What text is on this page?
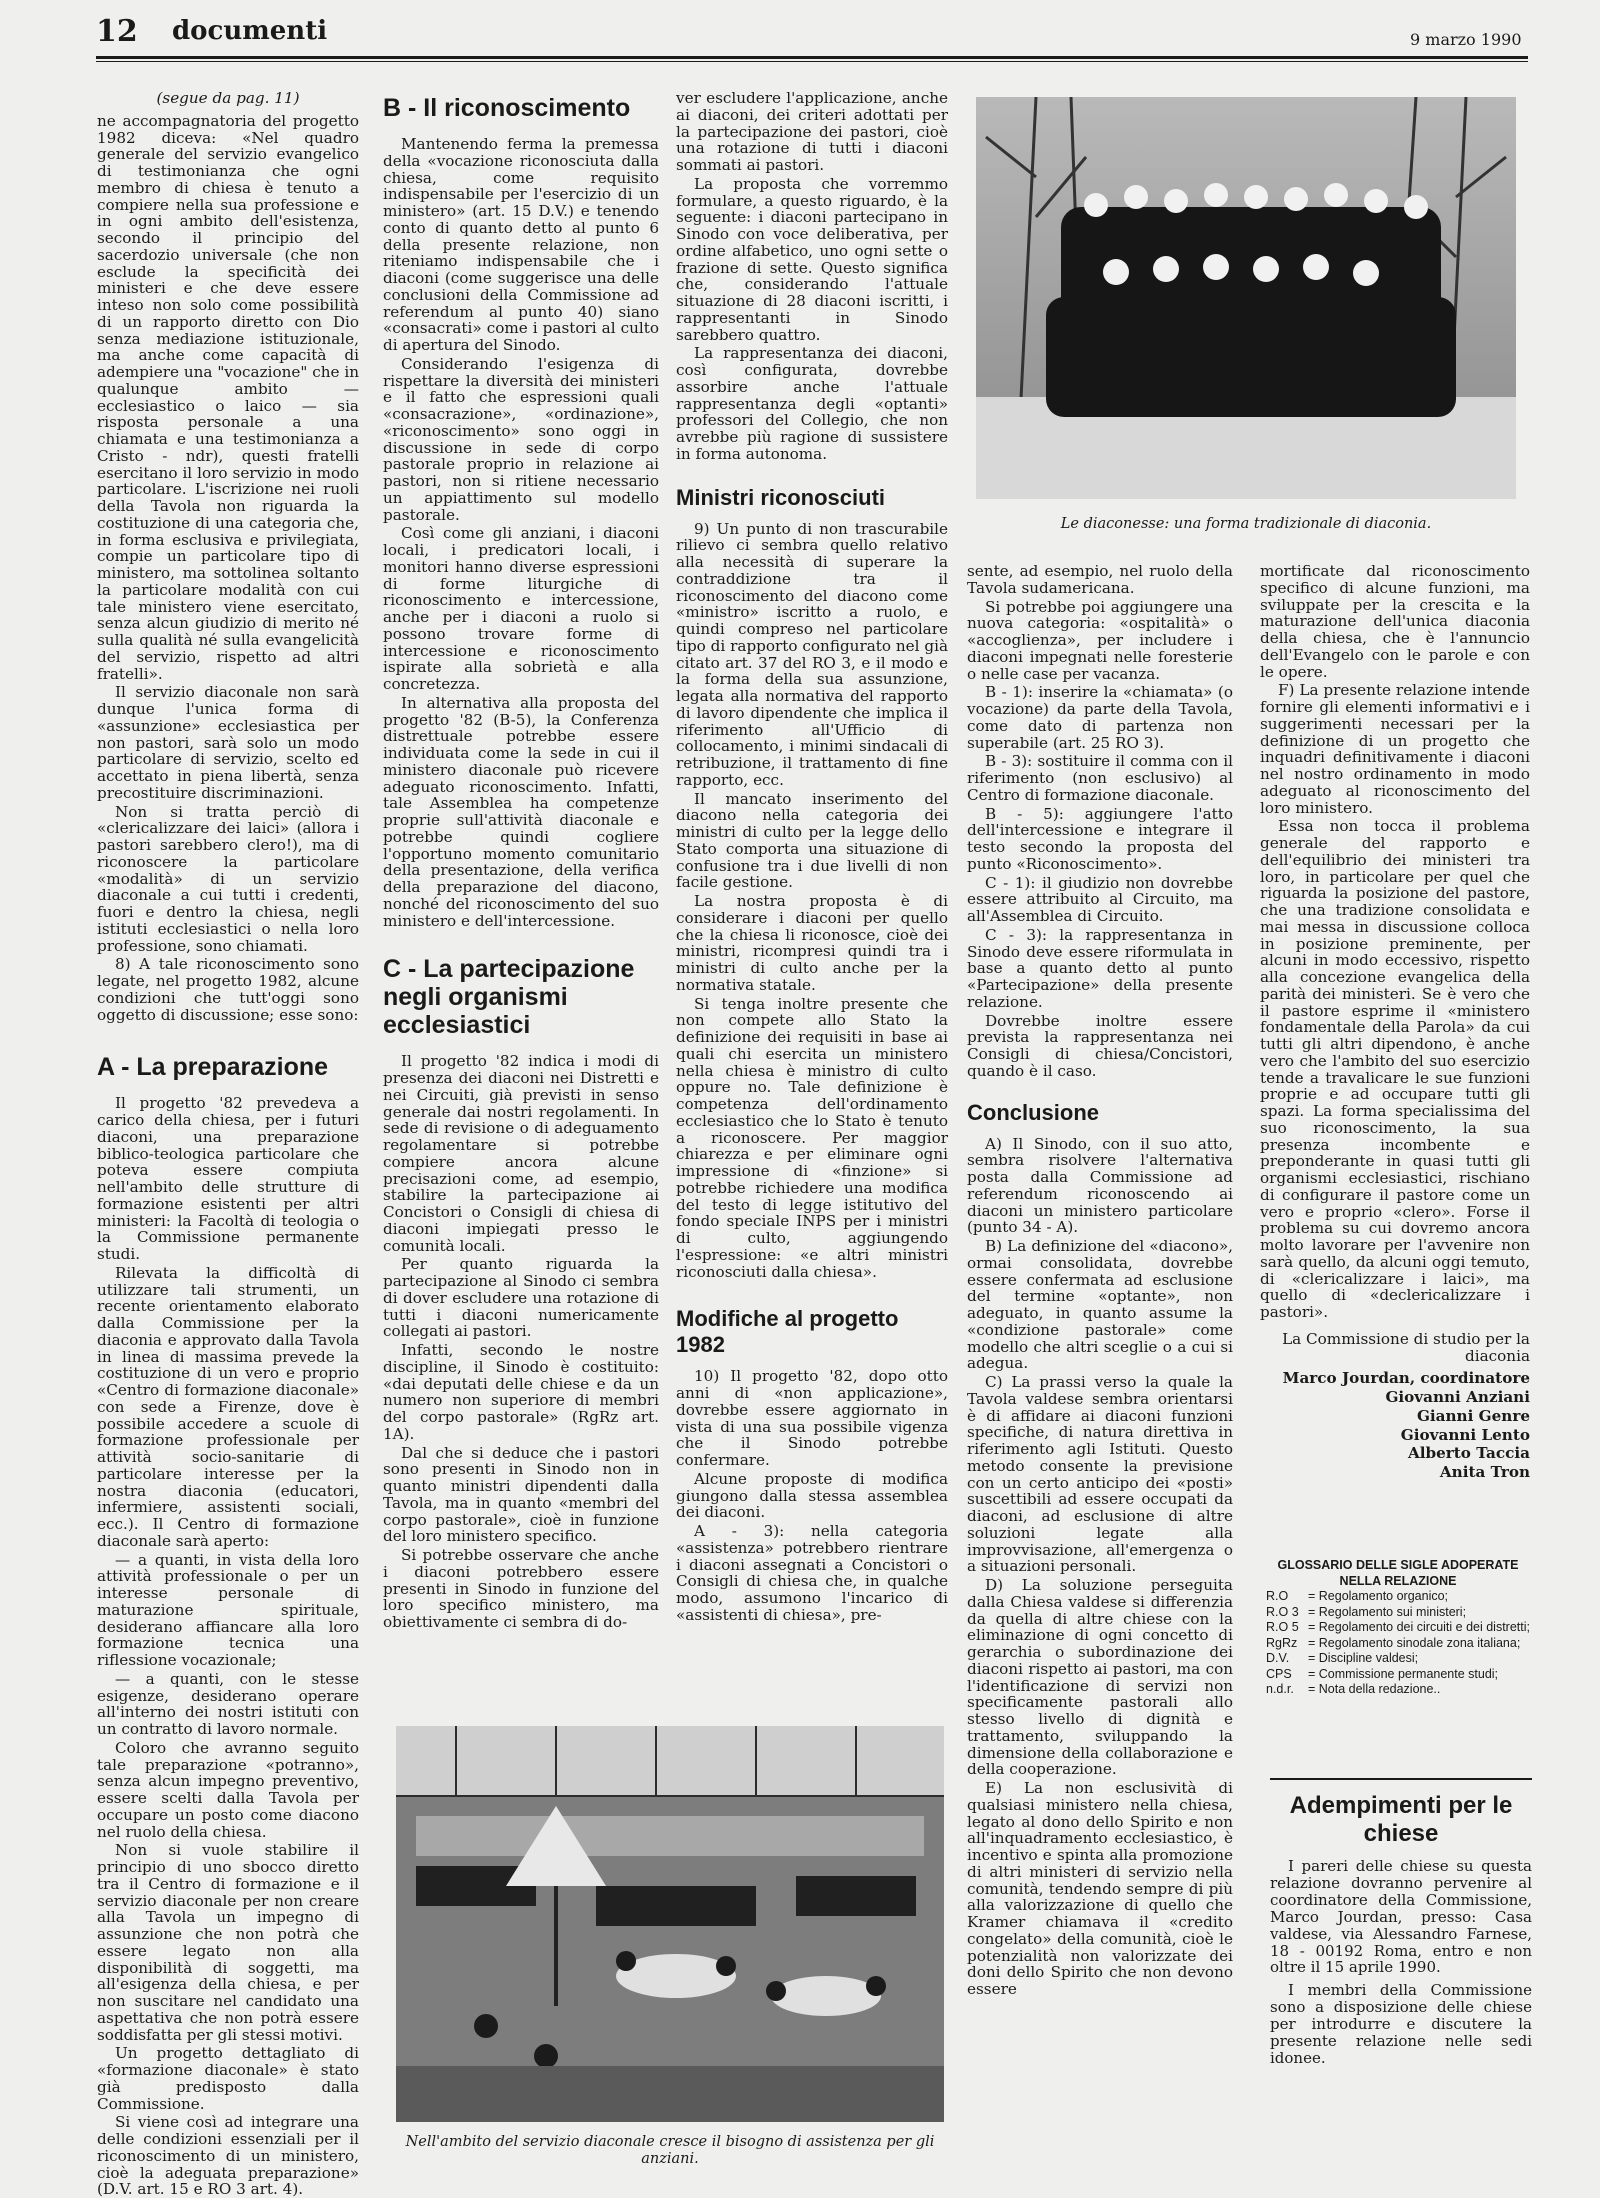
12 documenti	9 marzo 1990

(segue da pag. 11)

ne accompagnatoria del progetto 1982 diceva: «Nel quadro generale del servizio evangelico di testimonianza che ogni membro di chiesa è tenuto a compiere nella sua professione e in ogni ambito dell'esistenza, secondo il principio del sacerdozio universale (che non esclude la specificità dei ministeri e che deve essere inteso non solo come possibilità di un rapporto diretto con Dio senza mediazione istituzionale, ma anche come capacità di adempiere una "vocazione" che in qualunque ambito — ecclesiastico o laico — sia risposta personale a una chiamata e una testimonianza a Cristo - ndr), questi fratelli esercitano il loro servizio in modo particolare. L'iscrizione nei ruoli della Tavola non riguarda la costituzione di una categoria che, in forma esclusiva e privilegiata, compie un particolare tipo di ministero, ma sottolinea soltanto la particolare modalità con cui tale ministero viene esercitato, senza alcun giudizio di merito né sulla qualità né sulla evangelicità del servizio, rispetto ad altri fratelli».

Il servizio diaconale non sarà dunque l'unica forma di «assunzione» ecclesiastica per non pastori, sarà solo un modo particolare di servizio, scelto ed accettato in piena libertà, senza precostituire discriminazioni.

Non si tratta perciò di «clericalizzare dei laici» (allora i pastori sarebbero clero!), ma di riconoscere la particolare «modalità» di un servizio diaconale a cui tutti i credenti, fuori e dentro la chiesa, negli istituti ecclesiastici o nella loro professione, sono chiamati.

8) A tale riconoscimento sono legate, nel progetto 1982, alcune condizioni che tutt'oggi sono oggetto di discussione; esse sono:

A - La preparazione

Il progetto '82 prevedeva a carico della chiesa, per i futuri diaconi, una preparazione biblico-teologica particolare che poteva essere compiuta nell'ambito delle strutture di formazione esistenti per altri ministeri: la Facoltà di teologia o la Commissione permanente studi.

Rilevata la difficoltà di utilizzare tali strumenti, un recente orientamento elaborato dalla Commissione per la diaconia e approvato dalla Tavola in linea di massima prevede la costituzione di un vero e proprio «Centro di formazione diaconale» con sede a Firenze, dove è possibile accedere a scuole di formazione professionale per attività socio-sanitarie di particolare interesse per la nostra diaconia (educatori, infermiere, assistenti sociali, ecc.). Il Centro di formazione diaconale sarà aperto:

— a quanti, in vista della loro attività professionale o per un interesse personale di maturazione spirituale, desiderano affiancare alla loro formazione tecnica una riflessione vocazionale;

— a quanti, con le stesse esigenze, desiderano operare all'interno dei nostri istituti con un contratto di lavoro normale.

Coloro che avranno seguito tale preparazione «potranno», senza alcun impegno preventivo, essere scelti dalla Tavola per occupare un posto come diacono nel ruolo della chiesa.

Non si vuole stabilire il principio di uno sbocco diretto tra il Centro di formazione e il servizio diaconale per non creare alla Tavola un impegno di assunzione che non potrà che essere legato non alla disponibilità di soggetti, ma all'esigenza della chiesa, e per non suscitare nel candidato una aspettativa che non potrà essere soddisfatta per gli stessi motivi.

Un progetto dettagliato di «formazione diaconale» è stato già predisposto dalla Commissione.

Si viene così ad integrare una delle condizioni essenziali per il riconoscimento di un ministero, cioè la adeguata preparazione» (D.V. art. 15 e RO 3 art. 4).

B - Il riconoscimento

Mantenendo ferma la premessa della «vocazione riconosciuta dalla chiesa, come requisito indispensabile per l'esercizio di un ministero» (art. 15 D.V.) e tenendo conto di quanto detto al punto 6 della presente relazione, non riteniamo indispensabile che i diaconi (come suggerisce una delle conclusioni della Commissione ad referendum al punto 40) siano «consacrati» come i pastori al culto di apertura del Sinodo.

Considerando l'esigenza di rispettare la diversità dei ministeri e il fatto che espressioni quali «consacrazione», «ordinazione», «riconoscimento» sono oggi in discussione in sede di corpo pastorale proprio in relazione ai pastori, non si ritiene necessario un appiattimento sul modello pastorale.

Così come gli anziani, i diaconi locali, i predicatori locali, i monitori hanno diverse espressioni di forme liturgiche di riconoscimento e intercessione, anche per i diaconi a ruolo si possono trovare forme di intercessione e riconoscimento ispirate alla sobrietà e alla concretezza.

In alternativa alla proposta del progetto '82 (B-5), la Conferenza distrettuale potrebbe essere individuata come la sede in cui il ministero diaconale può ricevere adeguato riconoscimento. Infatti, tale Assemblea ha competenze proprie sull'attività diaconale e potrebbe quindi cogliere l'opportuno momento comunitario della presentazione, della verifica della preparazione del diacono, nonché del riconoscimento del suo ministero e dell'intercessione.

C - La partecipazione negli organismi ecclesiastici

Il progetto '82 indica i modi di presenza dei diaconi nei Distretti e nei Circuiti, già previsti in senso generale dai nostri regolamenti. In sede di revisione o di adeguamento regolamentare si potrebbe compiere ancora alcune precisazioni come, ad esempio, stabilire la partecipazione ai Concistori o Consigli di chiesa di diaconi impiegati presso le comunità locali.

Per quanto riguarda la partecipazione al Sinodo ci sembra di dover escludere una rotazione di tutti i diaconi numericamente collegati ai pastori.

Infatti, secondo le nostre discipline, il Sinodo è costituito: «dai deputati delle chiese e da un numero non superiore di membri del corpo pastorale» (RgRz art. 1A).

Dal che si deduce che i pastori sono presenti in Sinodo non in quanto ministri dipendenti dalla Tavola, ma in quanto «membri del corpo pastorale», cioè in funzione del loro ministero specifico.

Si potrebbe osservare che anche i diaconi potrebbero essere presenti in Sinodo in funzione del loro specifico ministero, ma obiettivamente ci sembra di do-

ver escludere l'applicazione, anche ai diaconi, dei criteri adottati per la partecipazione dei pastori, cioè una rotazione di tutti i diaconi sommati ai pastori.

La proposta che vorremmo formulare, a questo riguardo, è la seguente: i diaconi partecipano in Sinodo con voce deliberativa, per ordine alfabetico, uno ogni sette o frazione di sette. Questo significa che, considerando l'attuale situazione di 28 diaconi iscritti, i rappresentanti in Sinodo sarebbero quattro.

La rappresentanza dei diaconi, così configurata, dovrebbe assorbire anche l'attuale rappresentanza degli «optanti» professori del Collegio, che non avrebbe più ragione di sussistere in forma autonoma.

Ministri riconosciuti

9) Un punto di non trascurabile rilievo ci sembra quello relativo alla necessità di superare la contraddizione tra il riconoscimento del diacono come «ministro» iscritto a ruolo, e quindi compreso nel particolare tipo di rapporto configurato nel già citato art. 37 del RO 3, e il modo e la forma della sua assunzione, legata alla normativa del rapporto di lavoro dipendente che implica il riferimento all'Ufficio di collocamento, i minimi sindacali di retribuzione, il trattamento di fine rapporto, ecc.

Il mancato inserimento del diacono nella categoria dei ministri di culto per la legge dello Stato comporta una situazione di confusione tra i due livelli di non facile gestione.

La nostra proposta è di considerare i diaconi per quello che la chiesa li riconosce, cioè dei ministri, ricompresi quindi tra i ministri di culto anche per la normativa statale.

Si tenga inoltre presente che non compete allo Stato la definizione dei requisiti in base ai quali chi esercita un ministero nella chiesa è ministro di culto oppure no. Tale definizione è competenza dell'ordinamento ecclesiastico che lo Stato è tenuto a riconoscere. Per maggior chiarezza e per eliminare ogni impressione di «finzione» si potrebbe richiedere una modifica del testo di legge istitutivo del fondo speciale INPS per i ministri di culto, aggiungendo l'espressione: «e altri ministri riconosciuti dalla chiesa».

Modifiche al progetto 1982

10) Il progetto '82, dopo otto anni di «non applicazione», dovrebbe essere aggiornato in vista di una sua possibile vigenza che il Sinodo potrebbe confermare.

Alcune proposte di modifica giungono dalla stessa assemblea dei diaconi.

A - 3): nella categoria «assistenza» potrebbero rientrare i diaconi assegnati a Concistori o Consigli di chiesa che, in qualche modo, assumono l'incarico di «assistenti di chiesa», pre-

Le diaconesse: una forma tradizionale di diaconia.

sente, ad esempio, nel ruolo della Tavola sudamericana.

Si potrebbe poi aggiungere una nuova categoria: «ospitalità» o «accoglienza», per includere i diaconi impegnati nelle foresterie o nelle case per vacanza.

B - 1): inserire la «chiamata» (o vocazione) da parte della Tavola, come dato di partenza non superabile (art. 25 RO 3).

B - 3): sostituire il comma con il riferimento (non esclusivo) al Centro di formazione diaconale.

B - 5): aggiungere l'atto dell'intercessione e integrare il testo secondo la proposta del punto «Riconoscimento».

C - 1): il giudizio non dovrebbe essere attribuito al Circuito, ma all'Assemblea di Circuito.

C - 3): la rappresentanza in Sinodo deve essere riformulata in base a quanto detto al punto «Partecipazione» della presente relazione.

Dovrebbe inoltre essere prevista la rappresentanza nei Consigli di chiesa/Concistori, quando è il caso.

Conclusione

A) Il Sinodo, con il suo atto, sembra risolvere l'alternativa posta dalla Commissione ad referendum riconoscendo ai diaconi un ministero particolare (punto 34 - A).

B) La definizione del «diacono», ormai consolidata, dovrebbe essere confermata ad esclusione del termine «optante», non adeguato, in quanto assume la «condizione pastorale» come modello che altri sceglie o a cui si adegua.

C) La prassi verso la quale la Tavola valdese sembra orientarsi è di affidare ai diaconi funzioni specifiche, di natura direttiva in riferimento agli Istituti. Questo metodo consente la previsione con un certo anticipo dei «posti» suscettibili ad essere occupati da diaconi, ad esclusione di altre soluzioni legate alla improvvisazione, all'emergenza o a situazioni personali.

D) La soluzione perseguita dalla Chiesa valdese si differenzia da quella di altre chiese con la eliminazione di ogni concetto di gerarchia o subordinazione dei diaconi rispetto ai pastori, ma con l'identificazione di servizi non specificamente pastorali allo stesso livello di dignità e trattamento, sviluppando la dimensione della collaborazione e della cooperazione.

E) La non esclusività di qualsiasi ministero nella chiesa, legato al dono dello Spirito e non all'inquadramento ecclesiastico, è incentivo e spinta alla promozione di altri ministeri di servizio nella comunità, tendendo sempre di più alla valorizzazione di quello che Kramer chiamava il «credito congelato» della comunità, cioè le potenzialità non valorizzate dei doni dello Spirito che non devono essere

mortificate dal riconoscimento specifico di alcune funzioni, ma sviluppate per la crescita e la maturazione dell'unica diaconia della chiesa, che è l'annuncio dell'Evangelo con le parole e con le opere.

F) La presente relazione intende fornire gli elementi informativi e i suggerimenti necessari per la definizione di un progetto che inquadri definitivamente i diaconi nel nostro ordinamento in modo adeguato al riconoscimento del loro ministero.

Essa non tocca il problema generale del rapporto e dell'equilibrio dei ministeri tra loro, in particolare per quel che riguarda la posizione del pastore, che una tradizione consolidata e mai messa in discussione colloca in posizione preminente, per alcuni in modo eccessivo, rispetto alla concezione evangelica della parità dei ministeri. Se è vero che il pastore esprime il «ministero fondamentale della Parola» da cui tutti gli altri dipendono, è anche vero che l'ambito del suo esercizio tende a travalicare le sue funzioni proprie e ad occupare tutti gli spazi. La forma specialissima del suo riconoscimento, la sua presenza incombente e preponderante in quasi tutti gli organismi ecclesiastici, rischiano di configurare il pastore come un vero e proprio «clero». Forse il problema su cui dovremo ancora molto lavorare per l'avvenire non sarà quello, da alcuni oggi temuto, di «clericalizzare i laici», ma quello di «declericalizzare i pastori».

La Commissione di studio per la diaconia

Marco Jourdan, coordinatore

Giovanni Anziani

Gianni Genre

Giovanni Lento

Alberto Taccia

Anita Tron

GLOSSARIO DELLE SIGLE ADOPERATE NELLA RELAZIONE
R.O	= Regolamento organico;
R.O 3 = Regolamento sui ministeri;
R.O 5 = Regolamento dei circuiti e dei distretti;
RgRz = Regolamento sinodale zona italiana;
D.V.	= Discipline valdesi;
CPS	= Commissione permanente studi;
n.d.r.	= Nota della redazione..
Adempimenti per le chiese

I pareri delle chiese su questa relazione dovranno pervenire al coordinatore della Commissione, Marco Jourdan, presso: Casa valdese, via Alessandro Farnese, 18 - 00192 Roma, entro e non oltre il 15 aprile 1990.

I membri della Commissione sono a disposizione delle chiese per introdurre e discutere la presente relazione nelle sedi idonee.

Nell'ambito del servizio diaconale cresce il bisogno di assistenza per gli anziani.
